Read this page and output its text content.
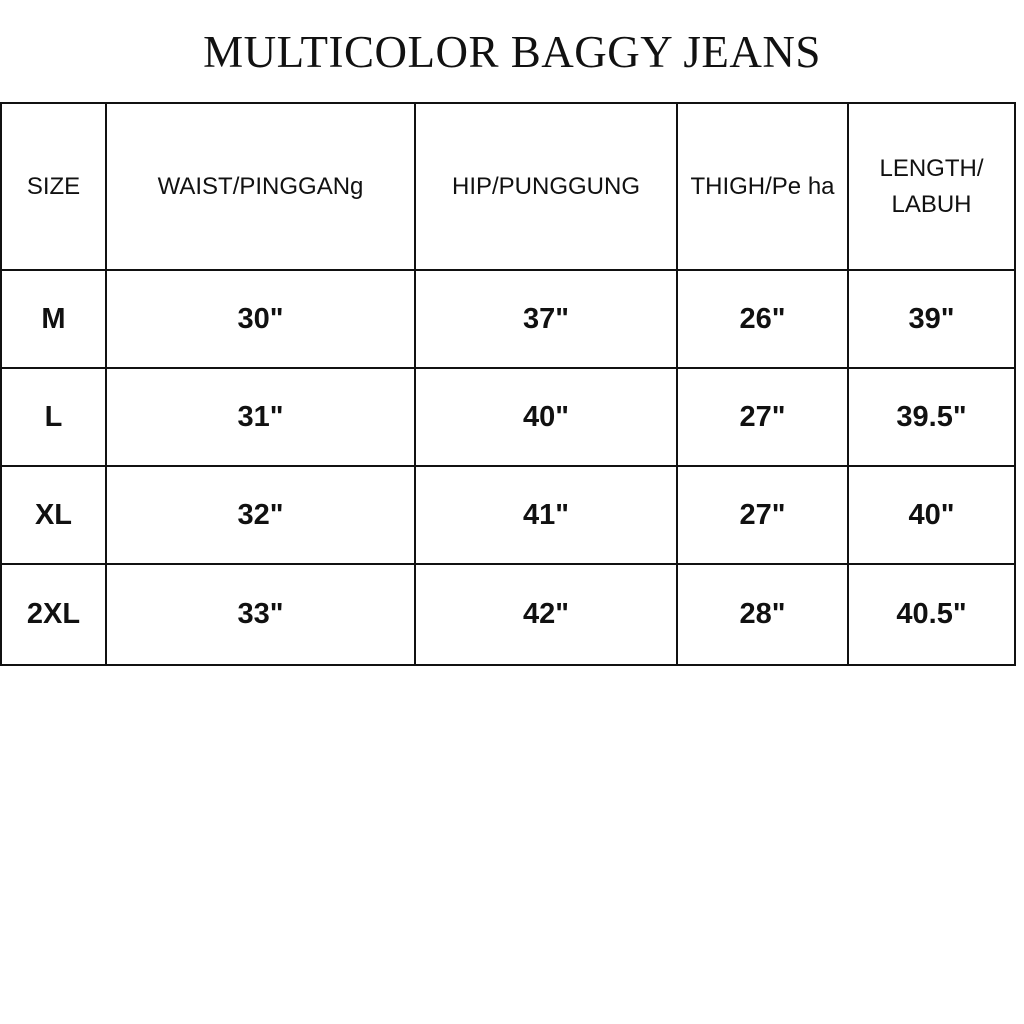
MULTICOLOR BAGGY JEANS
SIZE	WAIST/PINGGANg	HIP/PUNGGUNG	THIGH/Pe ha	LENGTH/ LABUH
M	30"	37"	26"	39"
L	31"	40"	27"	39.5"
XL	32"	41"	27"	40"
2XL	33"	42"	28"	40.5"
